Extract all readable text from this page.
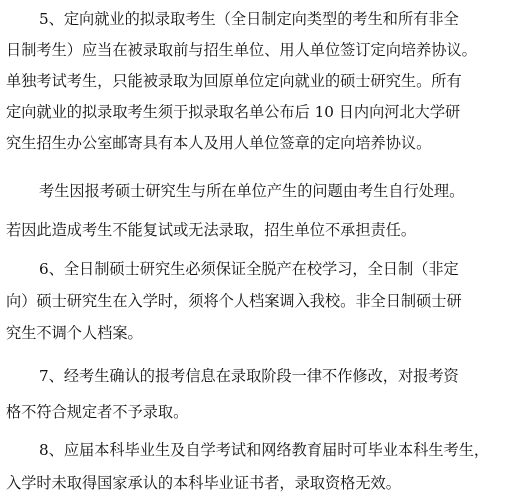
5、定向就业的拟录取考生（全日制定向类型的考生和所有非全
日制考生）应当在被录取前与招生单位、用人单位签订定向培养协议。
单独考试考生，只能被录取为回原单位定向就业的硕士研究生。所有
定向就业的拟录取考生须于拟录取名单公布后 10 日内向河北大学研
究生招生办公室邮寄具有本人及用人单位签章的定向培养协议。
考生因报考硕士研究生与所在单位产生的问题由考生自行处理。
若因此造成考生不能复试或无法录取，招生单位不承担责任。
6、全日制硕士研究生必须保证全脱产在校学习，全日制（非定
向）硕士研究生在入学时，须将个人档案调入我校。非全日制硕士研
究生不调个人档案。
7、经考生确认的报考信息在录取阶段一律不作修改，对报考资
格不符合规定者不予录取。
8、应届本科毕业生及自学考试和网络教育届时可毕业本科生考生，
入学时未取得国家承认的本科毕业证书者，录取资格无效。
